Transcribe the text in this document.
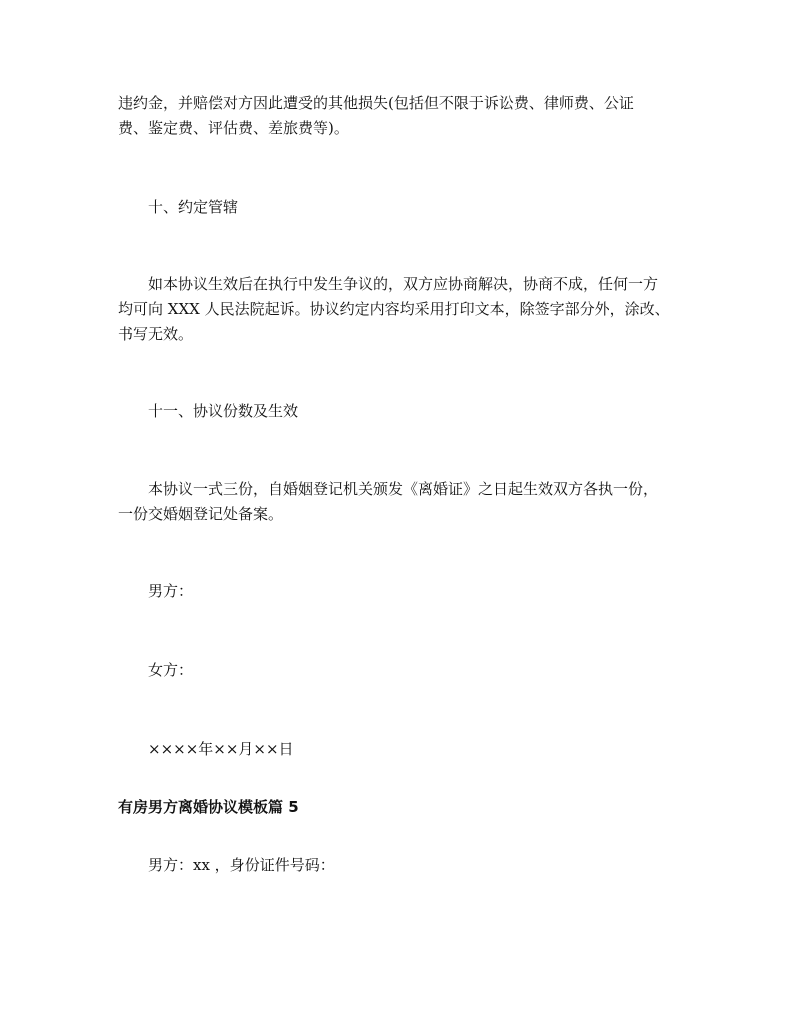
违约金，并赔偿对方因此遭受的其他损失(包括但不限于诉讼费、律师费、公证
费、鉴定费、评估费、差旅费等)。
十、约定管辖
如本协议生效后在执行中发生争议的，双方应协商解决，协商不成，任何一方
均可向 XXX 人民法院起诉。协议约定内容均采用打印文本，除签字部分外，涂改、
书写无效。
十一、协议份数及生效
本协议一式三份，自婚姻登记机关颁发《离婚证》之日起生效双方各执一份，
一份交婚姻登记处备案。
男方：
女方：
××××年××月××日
有房男方离婚协议模板篇 5
男方：xx ，身份证件号码：
